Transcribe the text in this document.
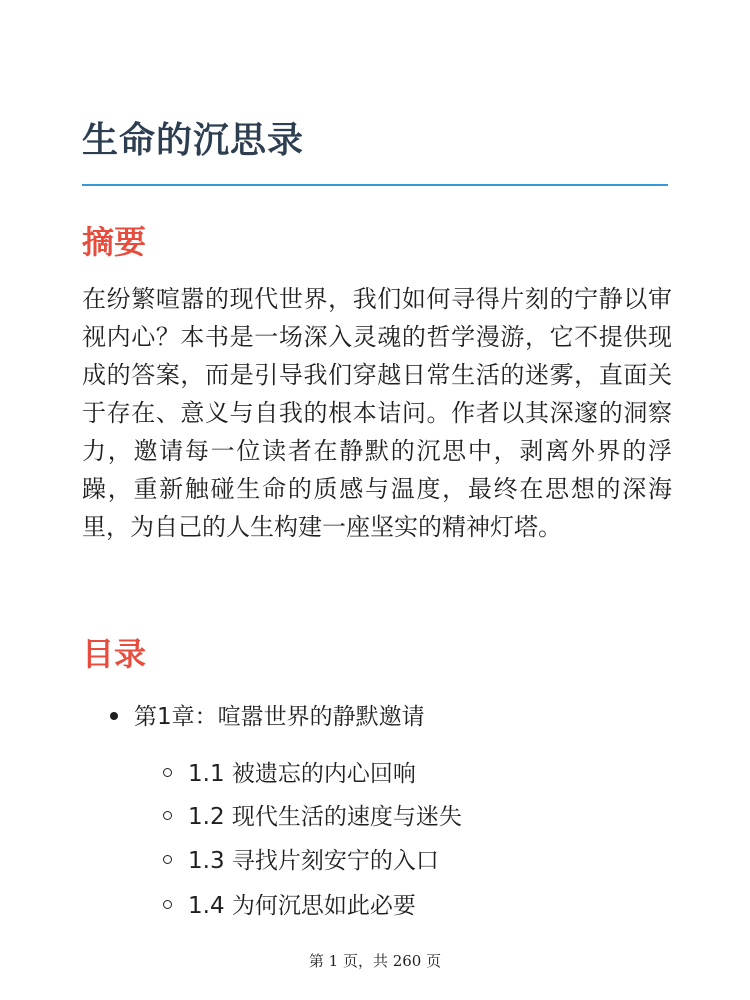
生命的沉思录
摘要

在纷繁喧嚣的现代世界，我们如何寻得片刻的宁静以审视内心？本书是一场深入灵魂的哲学漫游，它不提供现成的答案，而是引导我们穿越日常生活的迷雾，直面关于存在、意义与自我的根本诘问。作者以其深邃的洞察力，邀请每一位读者在静默的沉思中，剥离外界的浮躁，重新触碰生命的质感与温度，最终在思想的深海里，为自己的人生构建一座坚实的精神灯塔。

目录
第1章：喧嚣世界的静默邀请
1.1 被遗忘的内心回响
1.2 现代生活的速度与迷失
1.3 寻找片刻安宁的入口
1.4 为何沉思如此必要
第 1 页，共 260 页
